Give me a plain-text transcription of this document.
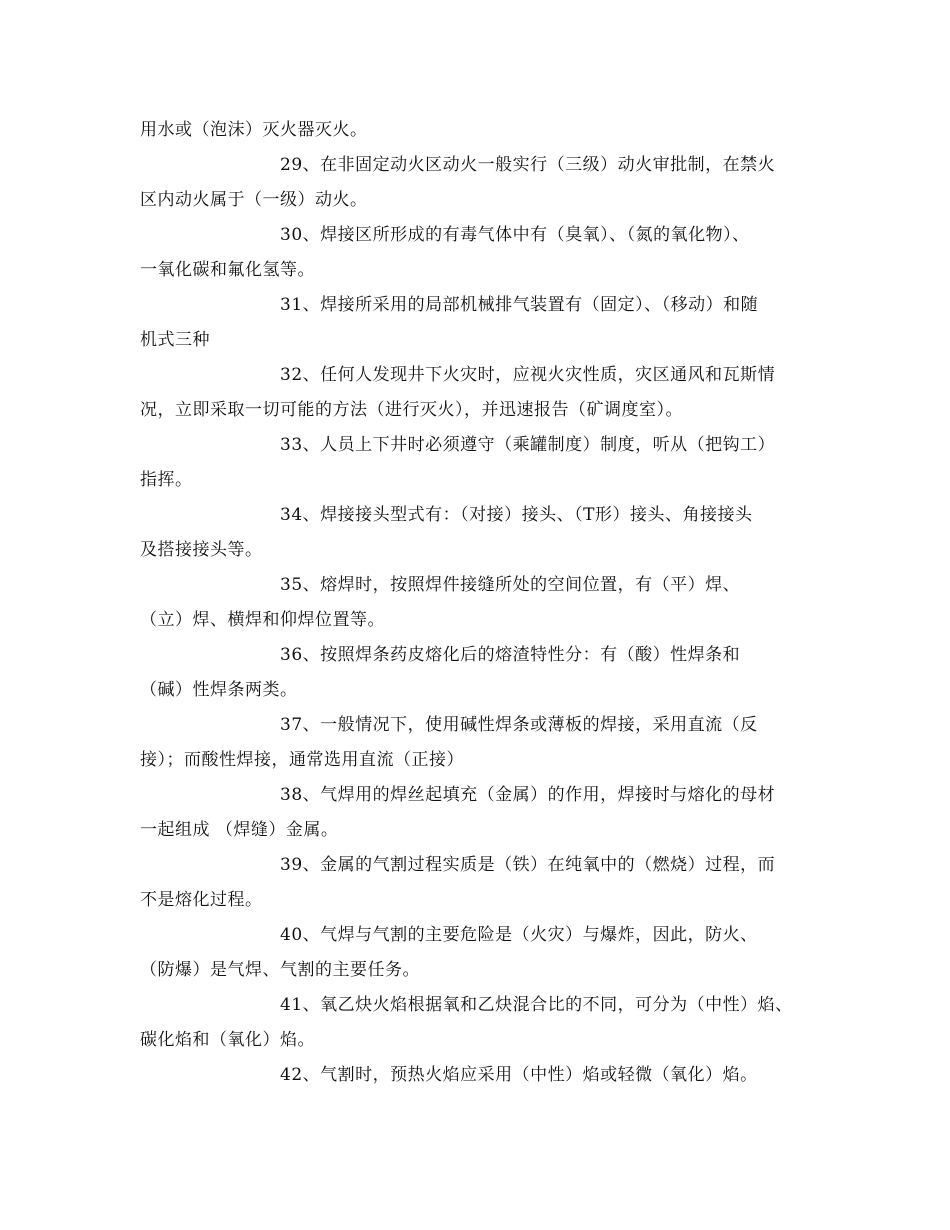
用水或（泡沫）灭火器灭火。
29、在非固定动火区动火一般实行（三级）动火审批制，在禁火
区内动火属于（一级）动火。
30、焊接区所形成的有毒气体中有（臭氧）、（氮的氧化物）、
一氧化碳和氟化氢等。
31、焊接所采用的局部机械排气装置有（固定）、（移动）和随
机式三种
32、任何人发现井下火灾时，应视火灾性质，灾区通风和瓦斯情
况，立即采取一切可能的方法（进行灭火），并迅速报告（矿调度室）。
33、人员上下井时必须遵守（乘罐制度）制度，听从（把钩工）
指挥。
34、焊接接头型式有：（对接）接头、（T形）接头、角接接头
及搭接接头等。
35、熔焊时，按照焊件接缝所处的空间位置，有（平）焊、
（立）焊、横焊和仰焊位置等。
36、按照焊条药皮熔化后的熔渣特性分：有（酸）性焊条和
（碱）性焊条两类。
37、一般情况下，使用碱性焊条或薄板的焊接，采用直流（反
接）；而酸性焊接，通常选用直流（正接）
38、气焊用的焊丝起填充（金属）的作用，焊接时与熔化的母材
一起组成 （焊缝）金属。
39、金属的气割过程实质是（铁）在纯氧中的（燃烧）过程，而
不是熔化过程。
40、气焊与气割的主要危险是（火灾）与爆炸，因此，防火、
（防爆）是气焊、气割的主要任务。
41、氧乙炔火焰根据氧和乙炔混合比的不同，可分为（中性）焰、
碳化焰和（氧化）焰。
42、气割时，预热火焰应采用（中性）焰或轻微（氧化）焰。
